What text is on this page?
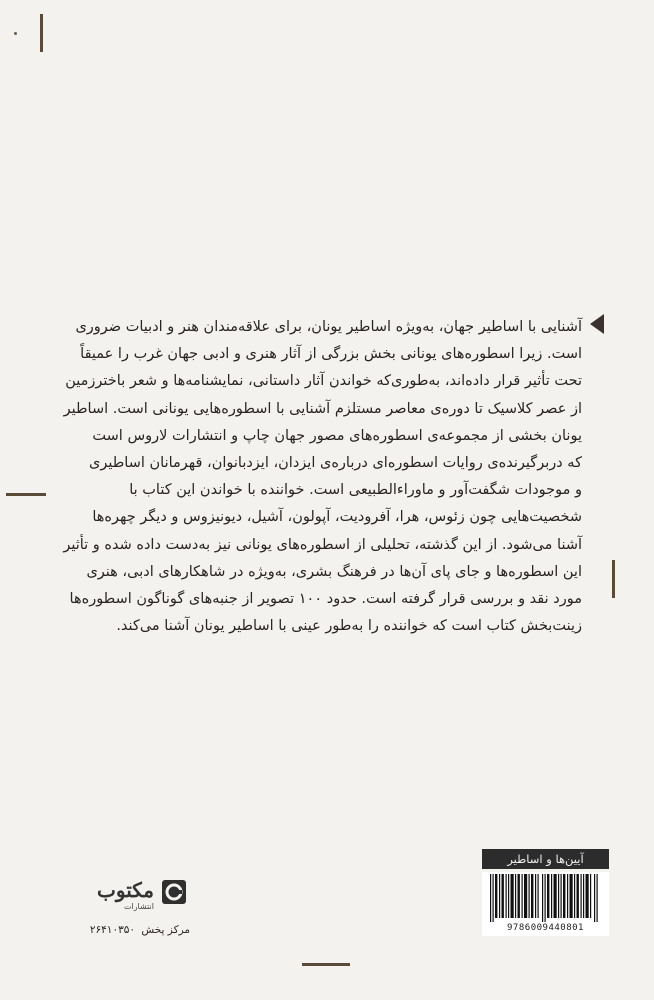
آشنایی با اساطیر جهان، به‌ویژه اساطیر یونان، برای علاقه‌مندان هنر و ادبیات ضروری
است. زیرا اسطوره‌های یونانی بخش بزرگی از آثار هنری و ادبی جهان غرب را عمیقاً
تحت تأثیر قرار داده‌اند، به‌طوری‌که خواندن آثار داستانی، نمایشنامه‌ها و شعر باختر‌زمین
از عصر کلاسیک تا دوره‌ی معاصر مستلزم آشنایی با اسطوره‌هایی یونانی است. اساطیر
یونان بخشی از مجموعه‌ی اسطوره‌های مصور جهان چاپ و انتشارات لاروس است
که دربرگیرنده‌ی روایات اسطوره‌ای درباره‌ی ایزدان، ایزدبانوان، قهرمانان اساطیری
و موجودات شگفت‌آور و ماوراء‌الطبیعی است. خواننده با خواندن این کتاب با
شخصیت‌هایی چون زئوس، هرا، آفرودیت، آپولون، آشیل، دیونیزوس و دیگر چهره‌ها
آشنا می‌شود. از این گذشته، تحلیلی از اسطوره‌های یونانی نیز به‌دست داده شده و تأثیر
این اسطوره‌ها و جای پای آن‌ها در فرهنگ بشری، به‌ویژه در شاهکارهای ادبی، هنری
مورد نقد و بررسی قرار گرفته است. حدود ۱۰۰ تصویر از جنبه‌های گوناگون اسطوره‌ها
زینت‌بخش کتاب است که خواننده را به‌طور عینی با اساطیر یونان آشنا می‌کند.
آیین‌ها و اساطیر
9786009440801
مکتوب
انتشارات
مرکز پخش ۲۶۴۱۰۳۵۰
